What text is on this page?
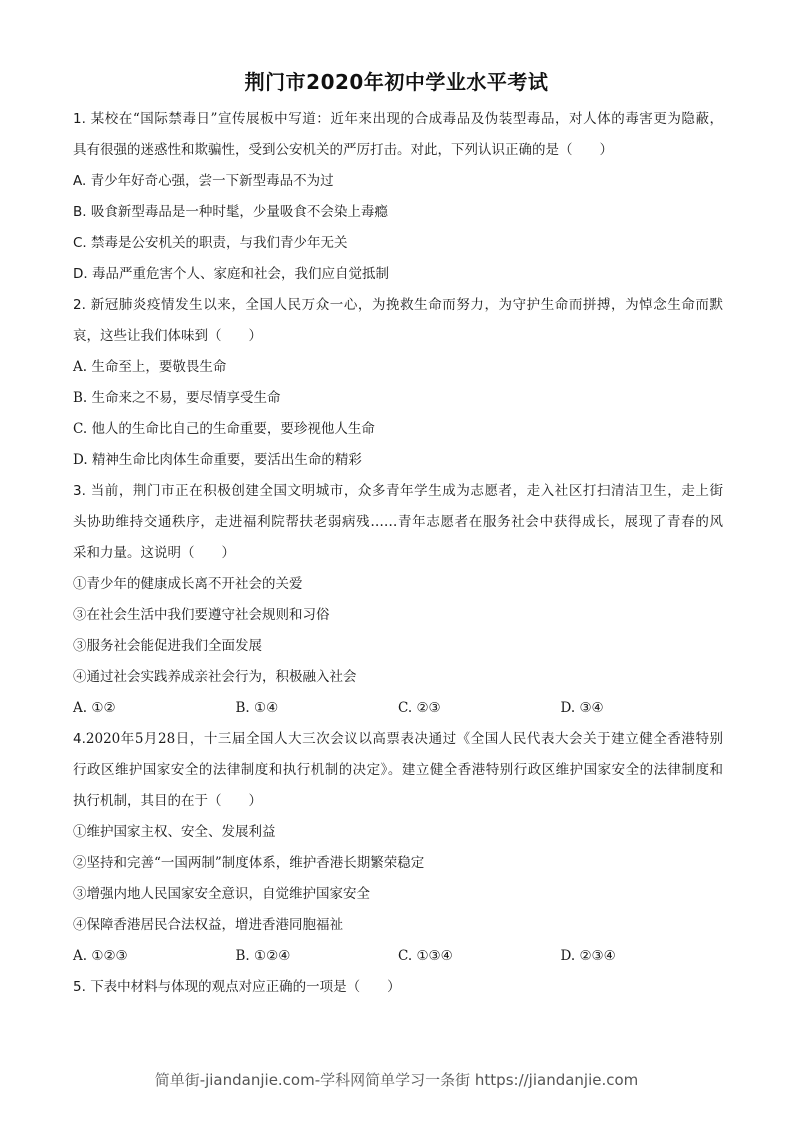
荆门市2020年初中学业水平考试
1. 某校在“国际禁毒日”宣传展板中写道：近年来出现的合成毒品及伪装型毒品，对人体的毒害更为隐蔽，
具有很强的迷惑性和欺骗性，受到公安机关的严厉打击。对此，下列认识正确的是（　　）
A. 青少年好奇心强，尝一下新型毒品不为过
B. 吸食新型毒品是一种时髦，少量吸食不会染上毒瘾
C. 禁毒是公安机关的职责，与我们青少年无关
D. 毒品严重危害个人、家庭和社会，我们应自觉抵制
2. 新冠肺炎疫情发生以来，全国人民万众一心，为挽救生命而努力，为守护生命而拼搏，为悼念生命而默
哀，这些让我们体味到（　　）
A. 生命至上，要敬畏生命
B. 生命来之不易，要尽情享受生命
C. 他人的生命比自己的生命重要，要珍视他人生命
D. 精神生命比肉体生命重要，要活出生命的精彩
3. 当前，荆门市正在积极创建全国文明城市，众多青年学生成为志愿者，走入社区打扫清洁卫生，走上街
头协助维持交通秩序，走进福利院帮扶老弱病残……青年志愿者在服务社会中获得成长，展现了青春的风
采和力量。这说明（　　）
①青少年的健康成长离不开社会的关爱
③在社会生活中我们要遵守社会规则和习俗
③服务社会能促进我们全面发展
④通过社会实践养成亲社会行为，积极融入社会
A. ①②	B. ①④	C. ②③	D. ③④
4.2020年5月28日，十三届全国人大三次会议以高票表决通过《全国人民代表大会关于建立健全香港特别
行政区维护国家安全的法律制度和执行机制的决定》。建立健全香港特别行政区维护国家安全的法律制度和
执行机制，其目的在于（　　）
①维护国家主权、安全、发展利益
②坚持和完善“一国两制”制度体系，维护香港长期繁荣稳定
③增强内地人民国家安全意识，自觉维护国家安全
④保障香港居民合法权益，增进香港同胞福祉
A. ①②③	B. ①②④	C. ①③④	D. ②③④
5. 下表中材料与体现的观点对应正确的一项是（　　）
简单街-jiandanjie.com-学科网简单学习一条街 https://jiandanjie.com
